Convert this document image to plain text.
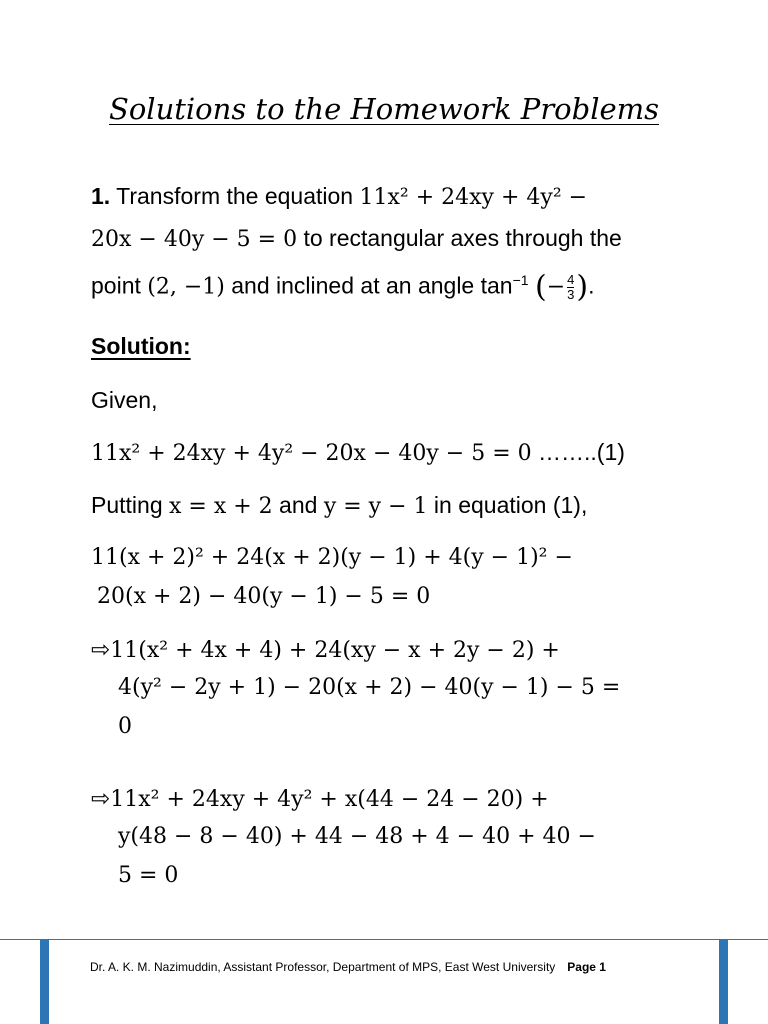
Solutions to the Homework Problems
1. Transform the equation 11x² + 24xy + 4y² −
20x − 40y − 5 = 0 to rectangular axes through the
point (2, −1) and inclined at an angle $\tan^{-1}$ (− $\frac{4}{3}$ ).
Solution:
Given,
11x² + 24xy + 4y² − 20x − 40y − 5 = 0 ……..(1)
Putting x = x + 2 and y = y − 1 in equation (1),
11(x + 2)² + 24(x + 2)(y − 1) + 4(y − 1)² −
20(x + 2) − 40(y − 1) − 5 = 0
⇨11(x² + 4x + 4) + 24(xy − x + 2y − 2) +
4(y² − 2y + 1) − 20(x + 2) − 40(y − 1) − 5 =
0
⇨11x² + 24xy + 4y² + x(44 − 24 − 20) +
y(48 − 8 − 40) + 44 − 48 + 4 − 40 + 40 −
5 = 0
Dr. A. K. M. Nazimuddin, Assistant Professor, Department of MPS, East West University Page 1
